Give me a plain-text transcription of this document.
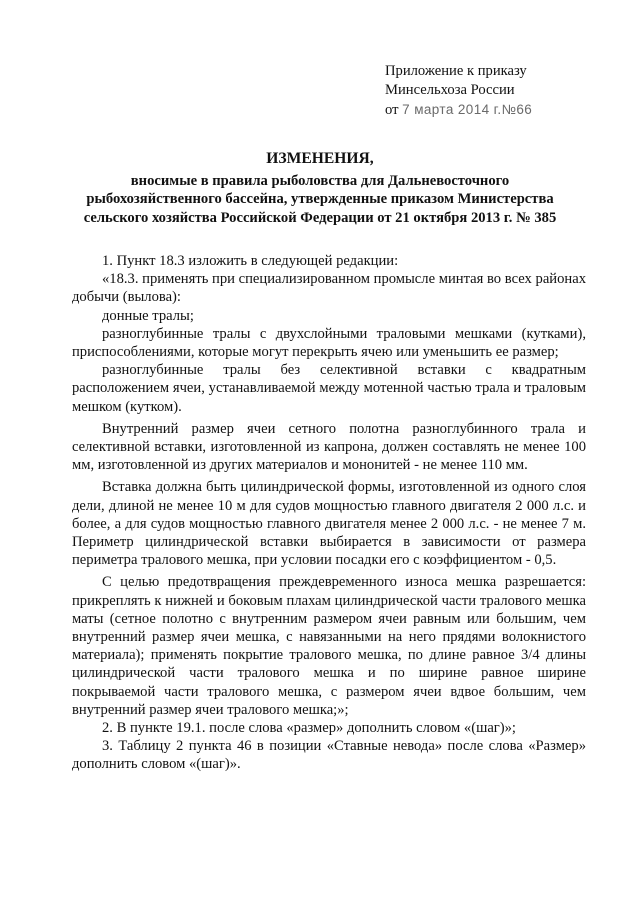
Приложение к приказу
Минсельхоза России
от 7 марта 2014 г.№66
ИЗМЕНЕНИЯ,
вносимые в правила рыболовства для Дальневосточного
рыбохозяйственного бассейна, утвержденные приказом Министерства
сельского хозяйства Российской Федерации от 21 октября 2013 г. № 385

1. Пункт 18.3 изложить в следующей редакции:

«18.3. применять при специализированном промысле минтая во всех районах добычи (вылова):

донные тралы;

разноглубинные тралы с двухслойными траловыми мешками (кутками), приспособлениями, которые могут перекрыть ячею или уменьшить ее размер;

разноглубинные тралы без селективной вставки с квадратным расположением ячеи, устанавливаемой между мотенной частью трала и траловым мешком (кутком).

Внутренний размер ячеи сетного полотна разноглубинного трала и селективной вставки, изготовленной из капрона, должен составлять не менее 100 мм, изготовленной из других материалов и мононитей - не менее 110 мм.

Вставка должна быть цилиндрической формы, изготовленной из одного слоя дели, длиной не менее 10 м для судов мощностью главного двигателя 2 000 л.с. и более, а для судов мощностью главного двигателя менее 2 000 л.с. - не менее 7 м. Периметр цилиндрической вставки выбирается в зависимости от размера периметра тралового мешка, при условии посадки его с коэффициентом - 0,5.

С целью предотвращения преждевременного износа мешка разрешается: прикреплять к нижней и боковым плахам цилиндрической части тралового мешка маты (сетное полотно с внутренним размером ячеи равным или большим, чем внутренний размер ячеи мешка, с навязанными на него прядями волокнистого материала); применять покрытие тралового мешка, по длине равное 3/4 длины цилиндрической части тралового мешка и по ширине равное ширине покрываемой части тралового мешка, с размером ячеи вдвое большим, чем внутренний размер ячеи тралового мешка;»;

2. В пункте 19.1. после слова «размер» дополнить словом «(шаг)»;

3. Таблицу 2 пункта 46 в позиции «Ставные невода» после слова «Размер» дополнить словом «(шаг)».
